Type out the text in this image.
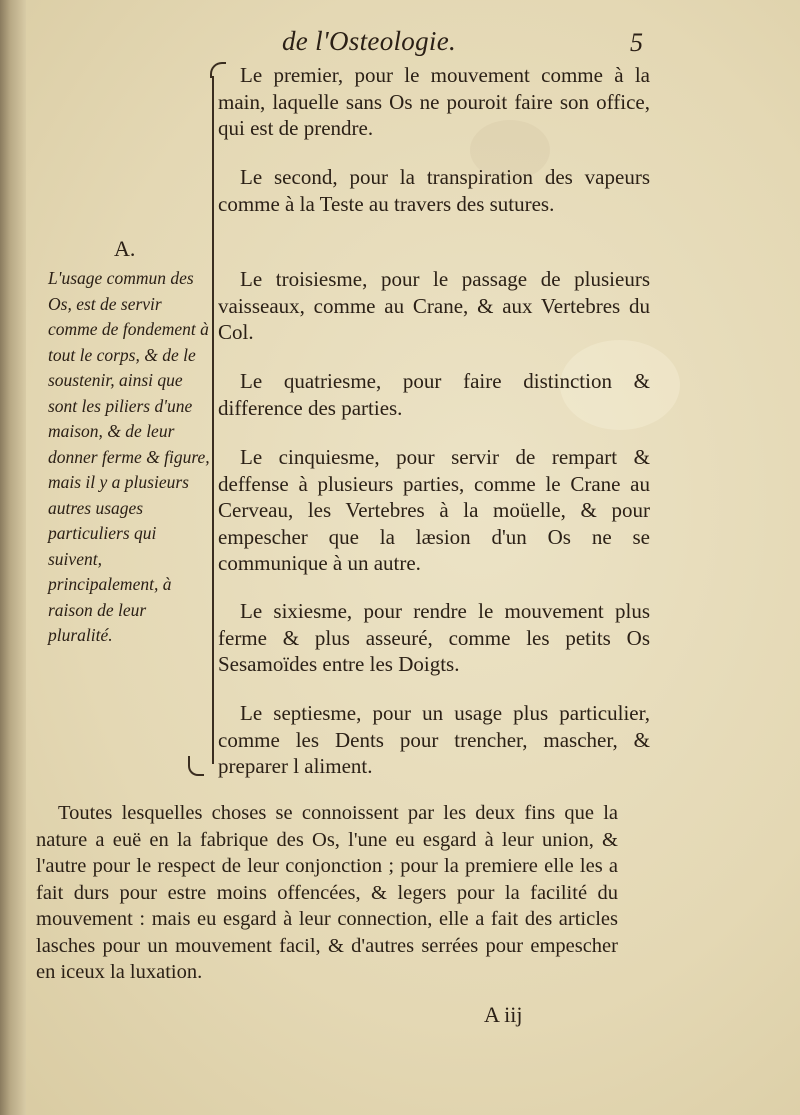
de l'Osteologie.	5
A.
L'usage commun des Os, est de servir comme de fondement à tout le corps, & de le soustenir, ainsi que sont les piliers d'une maison, & de leur donner ferme & figure, mais il y a plusieurs autres usages particuliers qui suivent, principalement, à raison de leur pluralité.
Le premier, pour le mouvement comme à la main, laquelle sans Os ne pouroit faire son office, qui est de prendre.
Le second, pour la transpiration des vapeurs comme à la Teste au travers des sutures.
Le troisiesme, pour le passage de plusieurs vaisseaux, comme au Crane, & aux Vertebres du Col.
Le quatriesme, pour faire distinction & difference des parties.
Le cinquiesme, pour servir de rempart & deffense à plusieurs parties, comme le Crane au Cerveau, les Vertebres à la moüelle, & pour empescher que la læsion d'un Os ne se communique à un autre.
Le sixiesme, pour rendre le mouvement plus ferme & plus asseuré, comme les petits Os Sesamoïdes entre les Doigts.
Le septiesme, pour un usage plus particulier, comme les Dents pour trencher, mascher, & preparer l aliment.
Toutes lesquelles choses se connoissent par les deux fins que la nature a euë en la fabrique des Os, l'une eu esgard à leur union, & l'autre pour le respect de leur conjonction ; pour la premiere elle les a fait durs pour estre moins offencées, & legers pour la facilité du mouvement : mais eu esgard à leur connection, elle a fait des articles lasches pour un mouvement facil, & d'autres serrées pour empescher en iceux la luxation.
A iij
